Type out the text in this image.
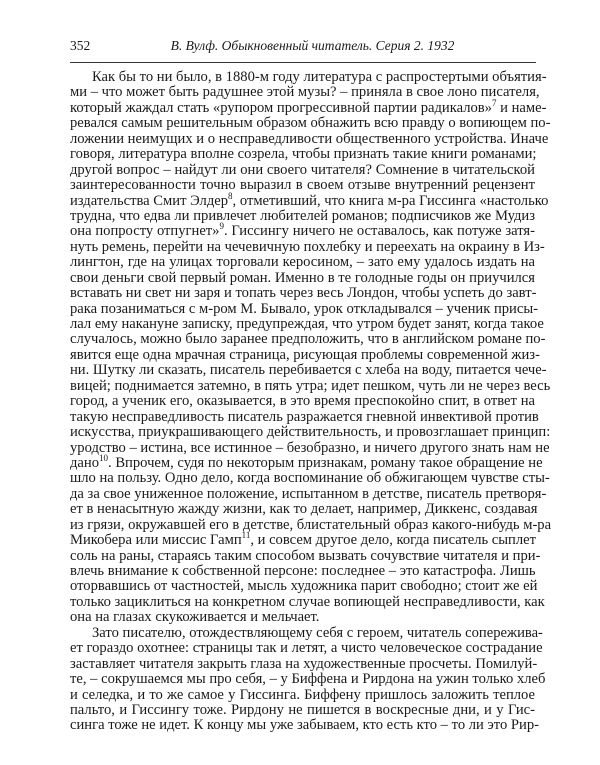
352	В. Вулф. Обыкновенный читатель. Серия 2. 1932
Как бы то ни было, в 1880-м году литература с распростертыми объятия-
ми – что может быть радушнее этой музы? – приняла в свое лоно писателя,
который жаждал стать «рупором прогрессивной партии радикалов»$^7$ и наме-
ревался самым решительным образом обнажить всю правду о вопиющем по-
ложении неимущих и о несправедливости общественного устройства. Иначе
говоря, литература вполне созрела, чтобы признать такие книги романами;
другой вопрос – найдут ли они своего читателя? Сомнение в читательской
заинтересованности точно выразил в своем отзыве внутренний рецензент
издательства Смит Элдер$^8$, отметивший, что книга м-ра Гиссинга «настолько
трудна, что едва ли привлечет любителей романов; подписчиков же Мудиз
она попросту отпугнет»$^9$. Гиссингу ничего не оставалось, как потуже затя-
нуть ремень, перейти на чечевичную похлебку и переехать на окраину в Из-
лингтон, где на улицах торговали керосином, – зато ему удалось издать на
свои деньги свой первый роман. Именно в те голодные годы он приучился
вставать ни свет ни заря и топать через весь Лондон, чтобы успеть до завт-
рака позаниматься с м-ром М. Бывало, урок откладывался – ученик присы-
лал ему накануне записку, предупреждая, что утром будет занят, когда такое
случалось, можно было заранее предположить, что в английском романе по-
явится еще одна мрачная страница, рисующая проблемы современной жиз-
ни. Шутку ли сказать, писатель перебивается с хлеба на воду, питается чече-
вицей; поднимается затемно, в пять утра; идет пешком, чуть ли не через весь
город, а ученик его, оказывается, в это время преспокойно спит, в ответ на
такую несправедливость писатель разражается гневной инвективой против
искусства, приукрашивающего действительность, и провозглашает принцип:
уродство – истина, все истинное – безобразно, и ничего другого знать нам не
дано$^{10}$. Впрочем, судя по некоторым признакам, роману такое обращение не
шло на пользу. Одно дело, когда воспоминание об обжигающем чувстве сты-
да за свое униженное положение, испытанном в детстве, писатель претворя-
ет в ненасытную жажду жизни, как то делает, например, Диккенс, создавая
из грязи, окружавшей его в детстве, блистательный образ какого-нибудь м-ра
Микобера или миссис Гамп$^{11}$, и совсем другое дело, когда писатель сыплет
соль на раны, стараясь таким способом вызвать сочувствие читателя и при-
влечь внимание к собственной персоне: последнее – это катастрофа. Лишь
оторвавшись от частностей, мысль художника парит свободно; стоит же ей
только зациклиться на конкретном случае вопиющей несправедливости, как
она на глазах скукоживается и мельчает.
Зато писателю, отождествляющему себя с героем, читатель сопережива-
ет гораздо охотнее: страницы так и летят, а чисто человеческое сострадание
заставляет читателя закрыть глаза на художественные просчеты. Помилуй-
те, – сокрушаемся мы про себя, – у Биффена и Рирдона на ужин только хлеб
и селедка, и то же самое у Гиссинга. Биффену пришлось заложить теплое
пальто, и Гиссингу тоже. Рирдону не пишется в воскресные дни, и у Гис-
синга тоже не идет. К концу мы уже забываем, кто есть кто – то ли это Рир-
